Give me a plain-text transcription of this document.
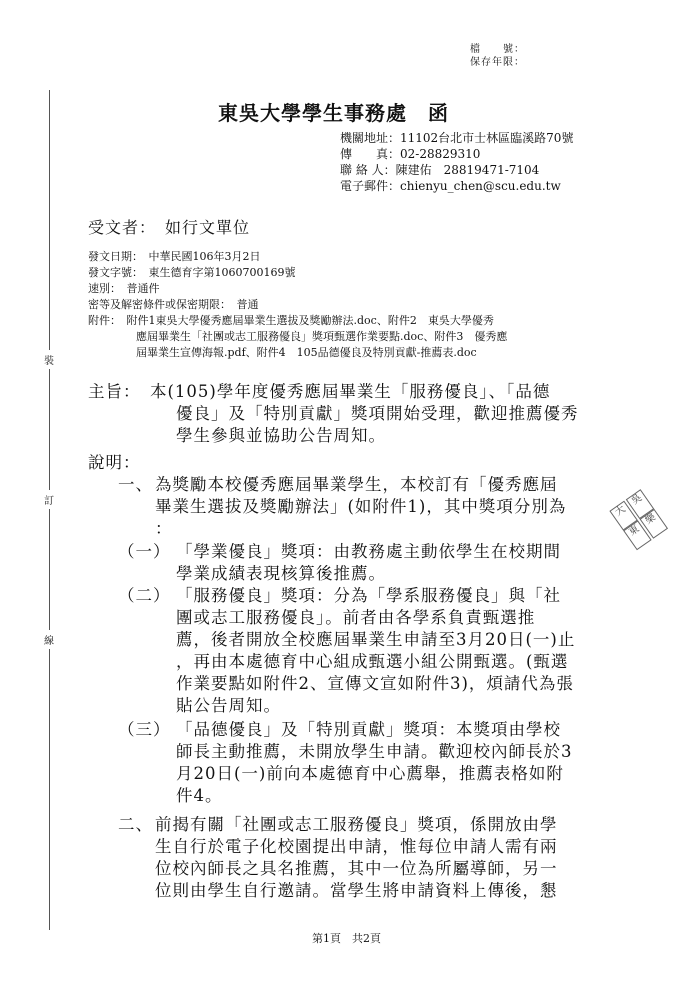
檔　　號：
保存年限：
裝
訂
線
東吳大學學生事務處　函
機關地址：11102台北市士林區臨溪路70號
傳　　真：02-28829310
聯 絡 人：陳建佑　28819471-7104
電子郵件：chienyu_chen@scu.edu.tw
受文者：　如行文單位
發文日期：　中華民國106年3月2日
發文字號：　東生德育字第1060700169號
速別：　普通件
密等及解密條件或保密期限：　普通
附件：　附件1東吳大學優秀應屆畢業生選拔及獎勵辦法.doc、附件2　東吳大學優秀
應屆畢業生「社團或志工服務優良」獎項甄選作業要點.doc、附件3　優秀應
屆畢業生宣傳海報.pdf、附件4　105品德優良及特別貢獻-推薦表.doc
主旨： 本(105)學年度優秀應屆畢業生「服務優良」、「品德
優良」及「特別貢獻」獎項開始受理，歡迎推薦優秀
學生參與並協助公告周知。
說明：
一、 為獎勵本校優秀應屆畢業學生，本校訂有「優秀應屆
畢業生選拔及獎勵辦法」(如附件1)，其中獎項分別為
：
（一） 「學業優良」獎項：由教務處主動依學生在校期間
學業成績表現核算後推薦。
（二） 「服務優良」獎項：分為「學系服務優良」與「社
團或志工服務優良」。前者由各學系負責甄選推
薦，後者開放全校應屆畢業生申請至3月20日(一)止
，再由本處德育中心組成甄選小組公開甄選。(甄選
作業要點如附件2、宣傳文宣如附件3)，煩請代為張
貼公告周知。
（三） 「品德優良」及「特別貢獻」獎項：本獎項由學校
師長主動推薦，未開放學生申請。歡迎校內師長於3
月20日(一)前向本處德育中心薦舉，推薦表格如附
件4。
二、 前揭有關「社團或志工服務優良」獎項，係開放由學
生自行於電子化校園提出申請，惟每位申請人需有兩
位校內師長之具名推薦，其中一位為所屬導師，另一
位則由學生自行邀請。當學生將申請資料上傳後，懇
吳
樂
大
東
第1頁　共2頁
